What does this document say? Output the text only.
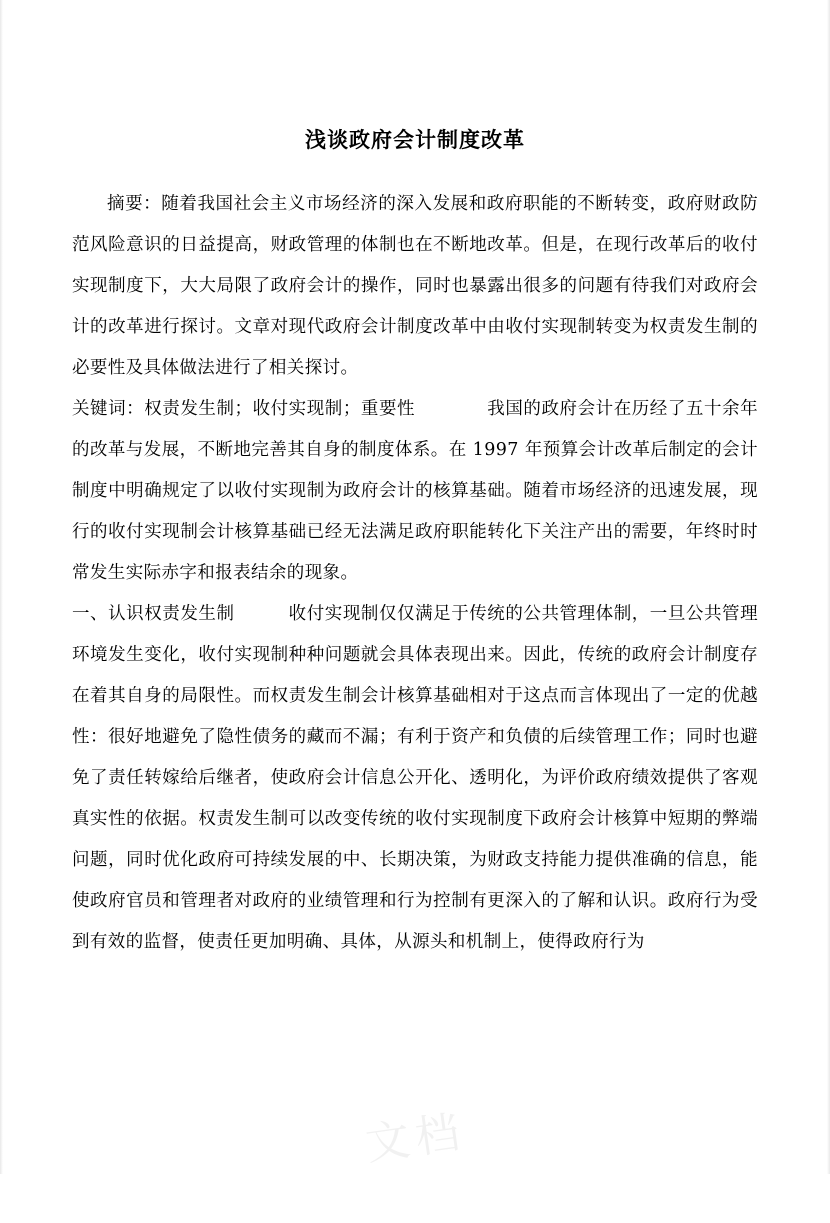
浅谈政府会计制度改革

摘要：随着我国社会主义市场经济的深入发展和政府职能的不断转变，政府财政防范风险意识的日益提高，财政管理的体制也在不断地改革。但是，在现行改革后的收付实现制度下，大大局限了政府会计的操作，同时也暴露出很多的问题有待我们对政府会计的改革进行探讨。文章对现代政府会计制度改革中由收付实现制转变为权责发生制的必要性及具体做法进行了相关探讨。

关键词：权责发生制；收付实现制；重要性　　　　我国的政府会计在历经了五十余年的改革与发展，不断地完善其自身的制度体系。在 1997 年预算会计改革后制定的会计制度中明确规定了以收付实现制为政府会计的核算基础。随着市场经济的迅速发展，现行的收付实现制会计核算基础已经无法满足政府职能转化下关注产出的需要，年终时时常发生实际赤字和报表结余的现象。

一、认识权责发生制　　　收付实现制仅仅满足于传统的公共管理体制，一旦公共管理环境发生变化，收付实现制种种问题就会具体表现出来。因此，传统的政府会计制度存在着其自身的局限性。而权责发生制会计核算基础相对于这点而言体现出了一定的优越性：很好地避免了隐性债务的藏而不漏；有利于资产和负债的后续管理工作；同时也避免了责任转嫁给后继者，使政府会计信息公开化、透明化，为评价政府绩效提供了客观真实性的依据。权责发生制可以改变传统的收付实现制度下政府会计核算中短期的弊端问题，同时优化政府可持续发展的中、长期决策，为财政支持能力提供准确的信息，能使政府官员和管理者对政府的业绩管理和行为控制有更深入的了解和认识。政府行为受到有效的监督，使责任更加明确、具体，从源头和机制上，使得政府行为

文档
